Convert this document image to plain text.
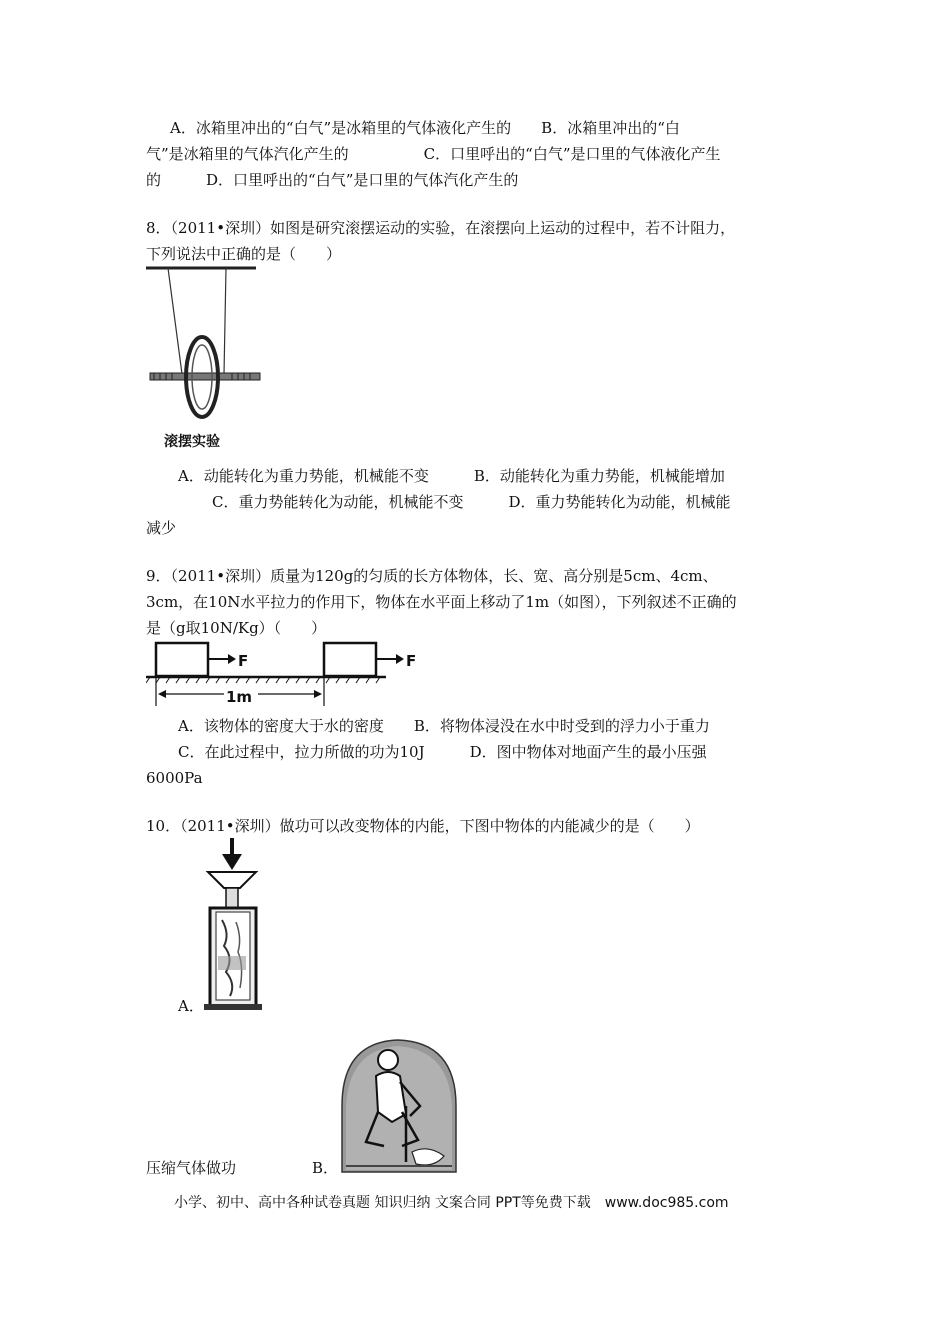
A．冰箱里冲出的“白气”是冰箱里的气体液化产生的　　B．冰箱里冲出的“白
气”是冰箱里的气体汽化产生的　　　　　C．口里呼出的“白气”是口里的气体液化产生
的　　　D．口里呼出的“白气”是口里的气体汽化产生的
8．（2011•深圳）如图是研究滚摆运动的实验，在滚摆向上运动的过程中，若不计阻力，
下列说法中正确的是（　　）
滚摆实验
A．动能转化为重力势能，机械能不变　　　B．动能转化为重力势能，机械能增加
C．重力势能转化为动能，机械能不变　　　D．重力势能转化为动能，机械能
减少
9．（2011•深圳）质量为120g的匀质的长方体物体，长、宽、高分别是5cm、4cm、
3cm，在10N水平拉力的作用下，物体在水平面上移动了1m（如图），下列叙述不正确的
是（g取10N/Kg）（　　）
F	F
1m
A．该物体的密度大于水的密度　　B．将物体浸没在水中时受到的浮力小于重力
C．在此过程中，拉力所做的功为10J　　　D．图中物体对地面产生的最小压强
6000Pa
10．（2011•深圳）做功可以改变物体的内能，下图中物体的内能减少的是（　　）
A．
压缩气体做功	B．
小学、初中、高中各种试卷真题 知识归纳 文案合同 PPT等免费下载　www.doc985.com
